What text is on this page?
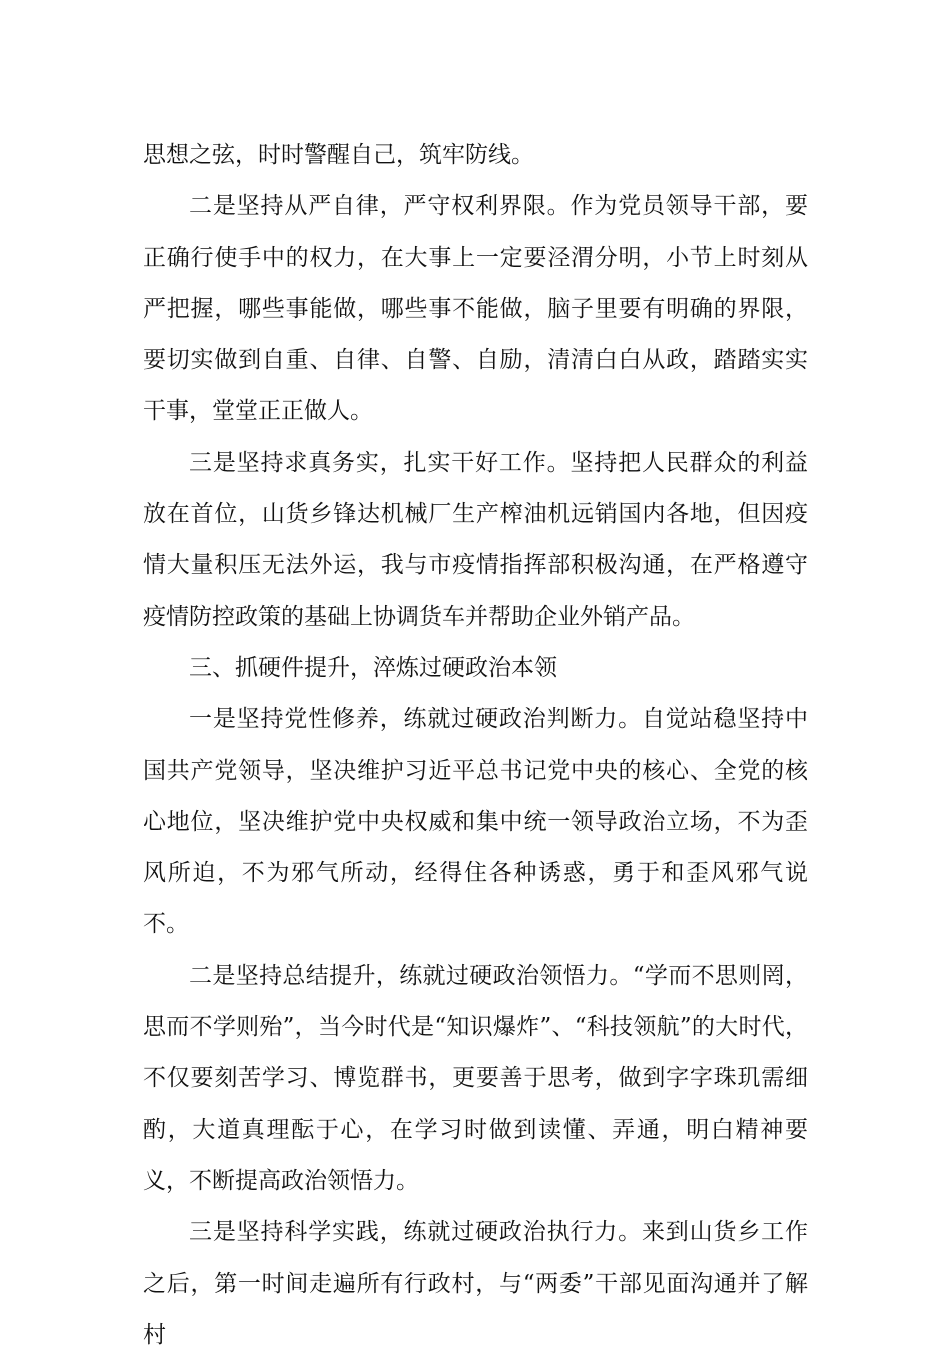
思想之弦，时时警醒自己，筑牢防线。

二是坚持从严自律，严守权利界限。作为党员领导干部，要正确行使手中的权力，在大事上一定要泾渭分明，小节上时刻从严把握，哪些事能做，哪些事不能做，脑子里要有明确的界限，要切实做到自重、自律、自警、自励，清清白白从政，踏踏实实干事，堂堂正正做人。

三是坚持求真务实，扎实干好工作。坚持把人民群众的利益放在首位，山货乡锋达机械厂生产榨油机远销国内各地，但因疫情大量积压无法外运，我与市疫情指挥部积极沟通，在严格遵守疫情防控政策的基础上协调货车并帮助企业外销产品。

三、抓硬件提升，淬炼过硬政治本领

一是坚持党性修养，练就过硬政治判断力。自觉站稳坚持中国共产党领导，坚决维护习近平总书记党中央的核心、全党的核心地位，坚决维护党中央权威和集中统一领导政治立场，不为歪风所迫，不为邪气所动，经得住各种诱惑，勇于和歪风邪气说不。

二是坚持总结提升，练就过硬政治领悟力。“学而不思则罔，思而不学则殆”，当今时代是“知识爆炸”、“科技领航”的大时代，不仅要刻苦学习、博览群书，更要善于思考，做到字字珠玑需细酌，大道真理酝于心，在学习时做到读懂、弄通，明白精神要义，不断提高政治领悟力。

三是坚持科学实践，练就过硬政治执行力。来到山货乡工作之后，第一时间走遍所有行政村，与“两委”干部见面沟通并了解村
